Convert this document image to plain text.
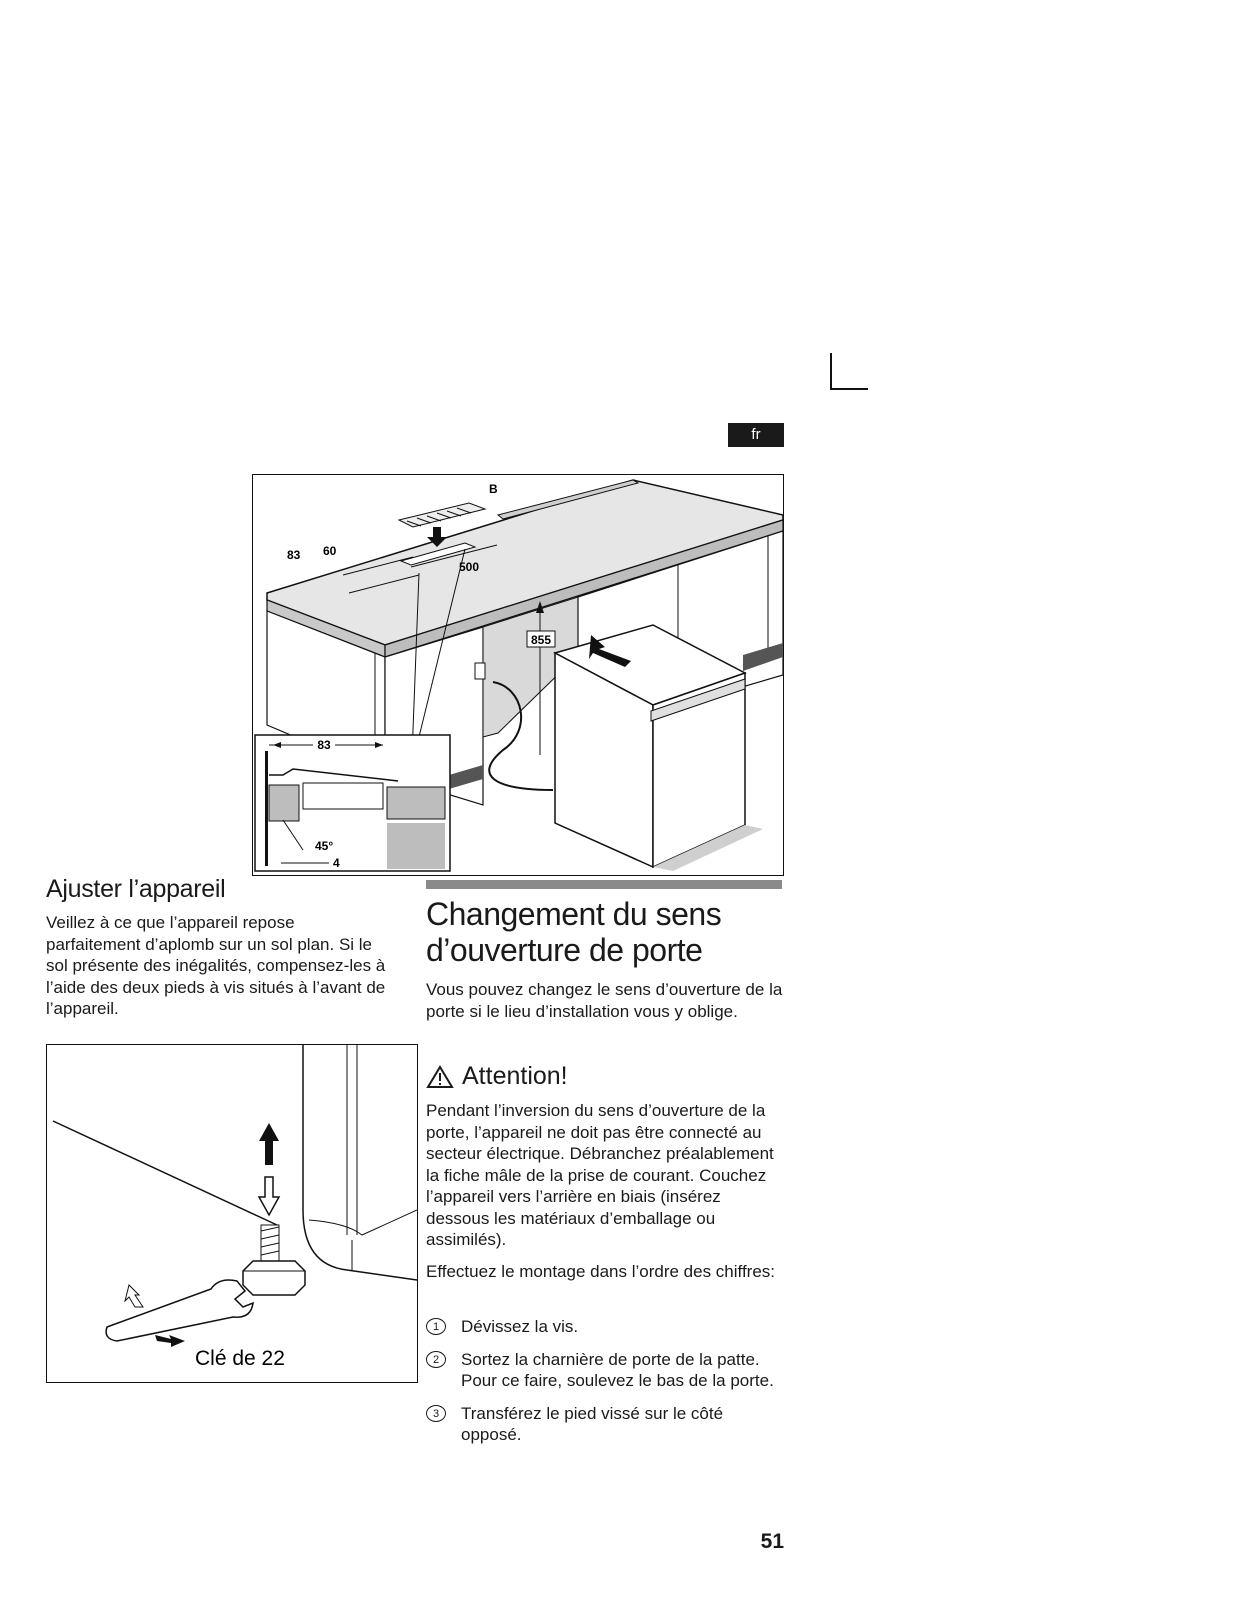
fr
855
83 60
500
B
83
45°
4
Ajuster l’appareil

Veillez à ce que l’appareil repose parfaitement d’aplomb sur un sol plan. Si le sol présente des inégalités, compensez-les à l’aide des deux pieds à vis situés à l’avant de l’appareil.

Clé de 22
Changement du sens d’ouverture de porte

Vous pouvez changez le sens d’ouverture de la porte si le lieu d’installation vous y oblige.

Attention!

Pendant l’inversion du sens d’ouverture de la porte, l’appareil ne doit pas être connecté au secteur électrique. Débranchez préalablement la fiche mâle de la prise de courant. Couchez l’appareil vers l’arrière en biais (insérez dessous les matériaux d’emballage ou assimilés).

Effectuez le montage dans l’ordre des chiffres:

1	Dévissez la vis.
2	Sortez la charnière de porte de la patte. Pour ce faire, soulevez le bas de la porte.
3	Transférez le pied vissé sur le côté opposé.
51
